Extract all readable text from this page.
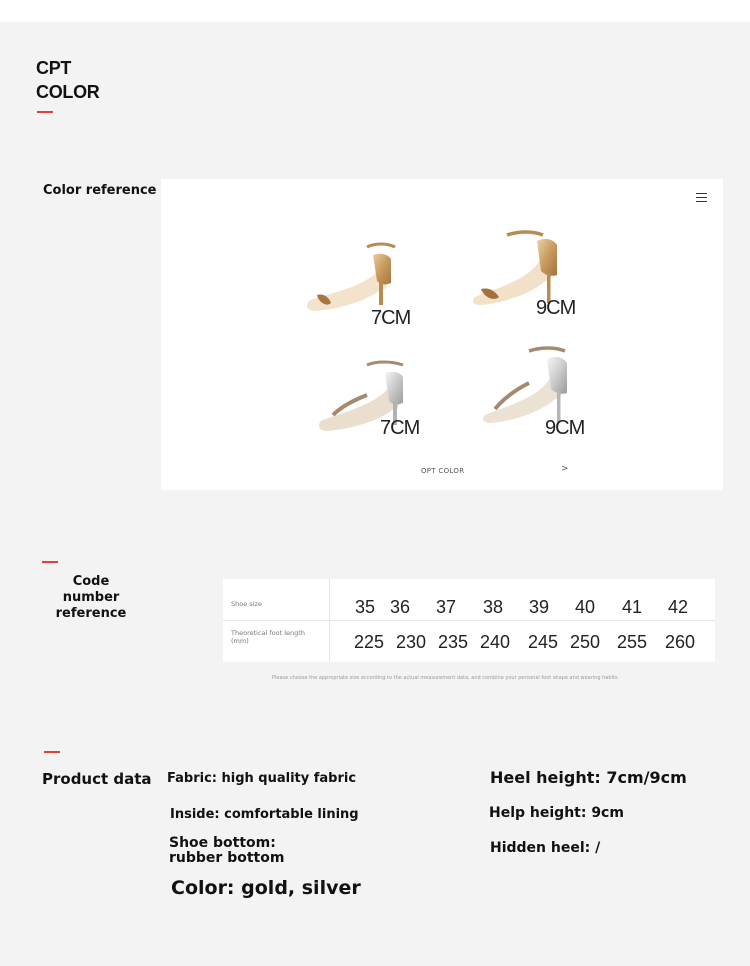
CPT
COLOR
Color reference
7CM	9CM
7CM	9CM
OPT COLOR	>
Code number reference
Shoe size
Theoretical foot length (mm)
35 36	37	38	39	40	41	42
225 230 235 240 245 250 255 260
Please choose the appropriate size according to the actual measurement data, and combine your personal foot shape and wearing habits.
Product data Fabric: high quality fabric
Inside: comfortable lining
Shoe bottom:
rubber bottom
Color: gold, silver
Heel height: 7cm/9cm
Help height: 9cm
Hidden heel: /
